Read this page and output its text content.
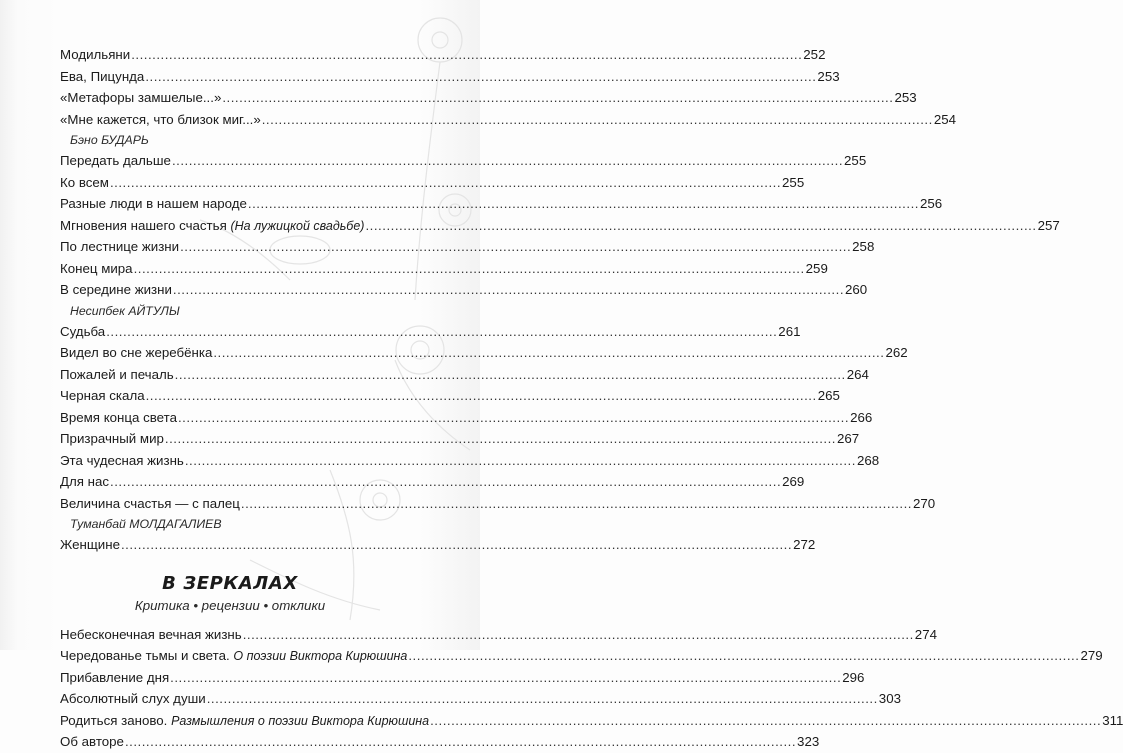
Модильяни .....	252
Ева, Пицунда .....	253
«Метафоры замшелые...» .....	253
«Мне кажется, что близок миг...» .....	254
Бэно БУДАРЬ
Передать дальше .....	255
Ко всем .....	255
Разные люди в нашем народе .....	256
Мгновения нашего счастья (На лужицкой свадьбе) .....	257
По лестнице жизни .....	258
Конец мира .....	259
В середине жизни .....	260
Несипбек АЙТУЛЫ
Судьба .....	261
Видел во сне жеребёнка .....	262
Пожалей и печаль .....	264
Черная скала .....	265
Время конца света .....	266
Призрачный мир .....	267
Эта чудесная жизнь .....	268
Для нас .....	269
Величина счастья — с палец .....	270
Туманбай МОЛДАГАЛИЕВ
Женщине .....	272
В ЗЕРКАЛАХ
Критика • рецензии • отклики
Небесконечная вечная жизнь .....	274
Чередованье тьмы и света. О поэзии Виктора Кирюшина .....	279
Прибавление дня .....	296
Абсолютный слух души .....	303
Родиться заново. Размышления о поэзии Виктора Кирюшина .....	311
Об авторе .....	323
